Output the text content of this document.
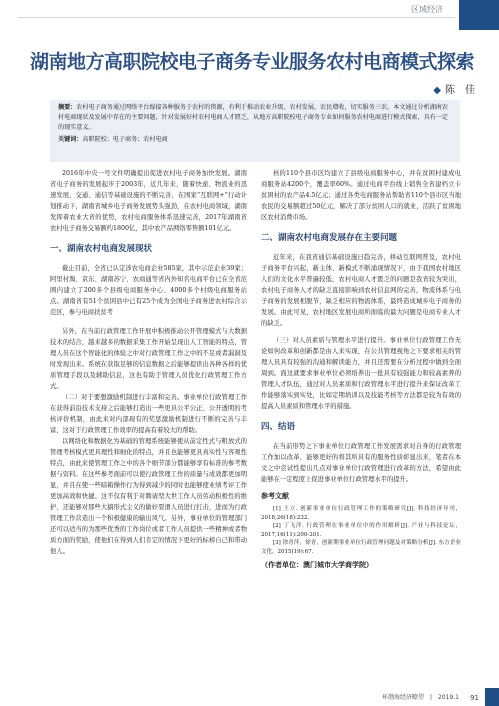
区域经济
湖南地方高职院校电子商务专业服务农村电商模式探索
◆ 陈　佳
摘要：农村电子商务通过网络平台嫁接各种服务于农村的资源，有利于推动农业升级、农村发展、农民增收，切实服务三农。本文通过分析湖南农村电商现状及发展中存在的主要问题，针对发展好村农村电商人才匮乏，从地方高职院校电子商务专业如何服务农村电商进行模式探索，具有一定的现实意义。
关键词：高职院校；电子商务；农村电商

2016年中央一号文件明确提出促进农村电子商务加快发展。湖南省电子商务的发展起步于2003年，近几年来，随着快递、物流业的迅速发展，交通、通信等基础设施的不断完善，在国家“互联网+”行动计划推动下，湖南省城乡电子商务发展势头强劲，在农村电商领域，湖南发挥着农业大省的优势，农村电商服务体系迅速完善，2017年湖南省农村电子商务交易额约1800亿，其中农产品网络零售额101亿元。

一、湖南农村电商发展现状

截止目前，全省已认定涉农电商企业585家，其中示范企业39家；阿里村淘、京东、湖南苏宁、农商通等省内外知名电商平台已在全省范围内建立了200多个县级电商服务中心、4000多个村级电商服务站点。湖南省有51个贫困县中已有25个成为全国电子商务进农村综合示范区，参与电商扶贫考

另外，在当前行政管理工作开展中积极推动公开管理模式与大数据技术的结合，越来越多的数据采集工作开始呈现出人工智能的特点，管理人员在这个智能化的体验之中对行政管理工作之中的不足或者漏洞及时发现出来。系统在获取足够的信息数据之后能够提供出各种各样的优质管理手段以及辅助信息，这也有助于管理人员优化行政管理工作方式。

（二）对于要想激励机制进行丰富和完善。事业单位行政管理工作在获得前沿技术支持之后能够打造出一些更具公平公正、公开透明的考核评价机制，由此来对内部现有的奖惩激励机制进行不断的完善与丰富，这对于行政管理工作效率的提高有着较大的帮助。

以网络化和数据化为基础的管理系统能够使从前定性式与粗放式的管理考核模式更具理性和细化的特点，并且也能够更具真实性与客观性特点，由此来使管理工作之中的各个细节部分都能够享有标准的参考数据与资料。在这些参考面前可以使行政管理工作的质量与成效都更加明显，并且在使一些暗箱操作行为得到减少的同时也能够使业绩考评工作更加高效和快捷。这不仅有利于对聘请型大世工作人员劳动积极性的维护，还能够对那些大搞形式主义的偷奸耍滑人员进行打击，进而为行政管理工作营造出一个积极健康的输出风气。另外，事业单位的管理部门还可以适当的为那些优秀的工作岗位或者工作人员提供一些精神或者物质方面的奖励，使他们在得到人们肯定的情况下更好的标榜自己和带动他人。

核的110个县市区均建立了县级电商服务中心，并在贫困村建成电商服务站4200个，覆盖率60%。通过电商平台线上销售全省建档立卡贫困村的农产品4.5亿元；通过各类电商服务站帮助省110个县市区当地农民的交易额超过50亿元，解决了部分贫困人口的就业，活跃了贫困地区农村消费市场。

二、湖南农村电商发展存在主要问题

近年来，在我省通信基础设施日趋完善，移动互联网普及，农村电子商务平台兴起，新主体、新模式不断涌现情况下，由于我国农村地区人们的文化水平普遍较低，农村电商人才匮乏的问题是我省较为突出，农村电子商务人才的缺乏直接影响到农村信息网的完善，物流体系与电子商务的发展相脱节，缺乏相应的物流体系，最终造成城乡电子商务的发展。由此可见，农村地区发展电商所面临的最大问题是电商专业人才的缺乏。

（三）对人员素质与管理水平进行提升。事业单位行政管理工作无论如何改革和创新都是由人来实现，在公共管理视角之下要求相关的管理人员具有较强的沟通和解读能力，并且还需要在分析过程中做到全面周到。面这就要求事业单位必须培养出一批具有较强能力和较高素养的管理人才队伍，通过对人员素质和行政管理水平进行提升来保证改革工作能够落实到实处，比如定期培训以及技能考核等方法都是较为有效的提高人员素质和管理水平的措施。

四、结语

在当前形势之下事业单位行政管理工作发展需求对自身的行政管理工作加以改革，能够更好的将其所具有的服务性质彰显出来，笔者在本文之中尝试性提出几点对事业单位行政管理进行改革的方法，希望由此能够在一定程度上促进事业单位行政管理水平的提升。

参考文献

[1] 王立. 创新事业单位行政管理工作的策略研究[J]. 科技经济导刊，2018,26(18):232.

[2] 丁飞洋. 行政管理在事业单位中的作用解析[J]. 产业与科技论坛，2017,16(11):200-201.

[3] 徐青萍，徐青，创新期事业单位行政管理问题及对策略分析[J]. 东方企业文化，2015(19):67.

（作者单位：澳门城市大学商学院）
环渤海经济瞭望　|　2019.1 91
